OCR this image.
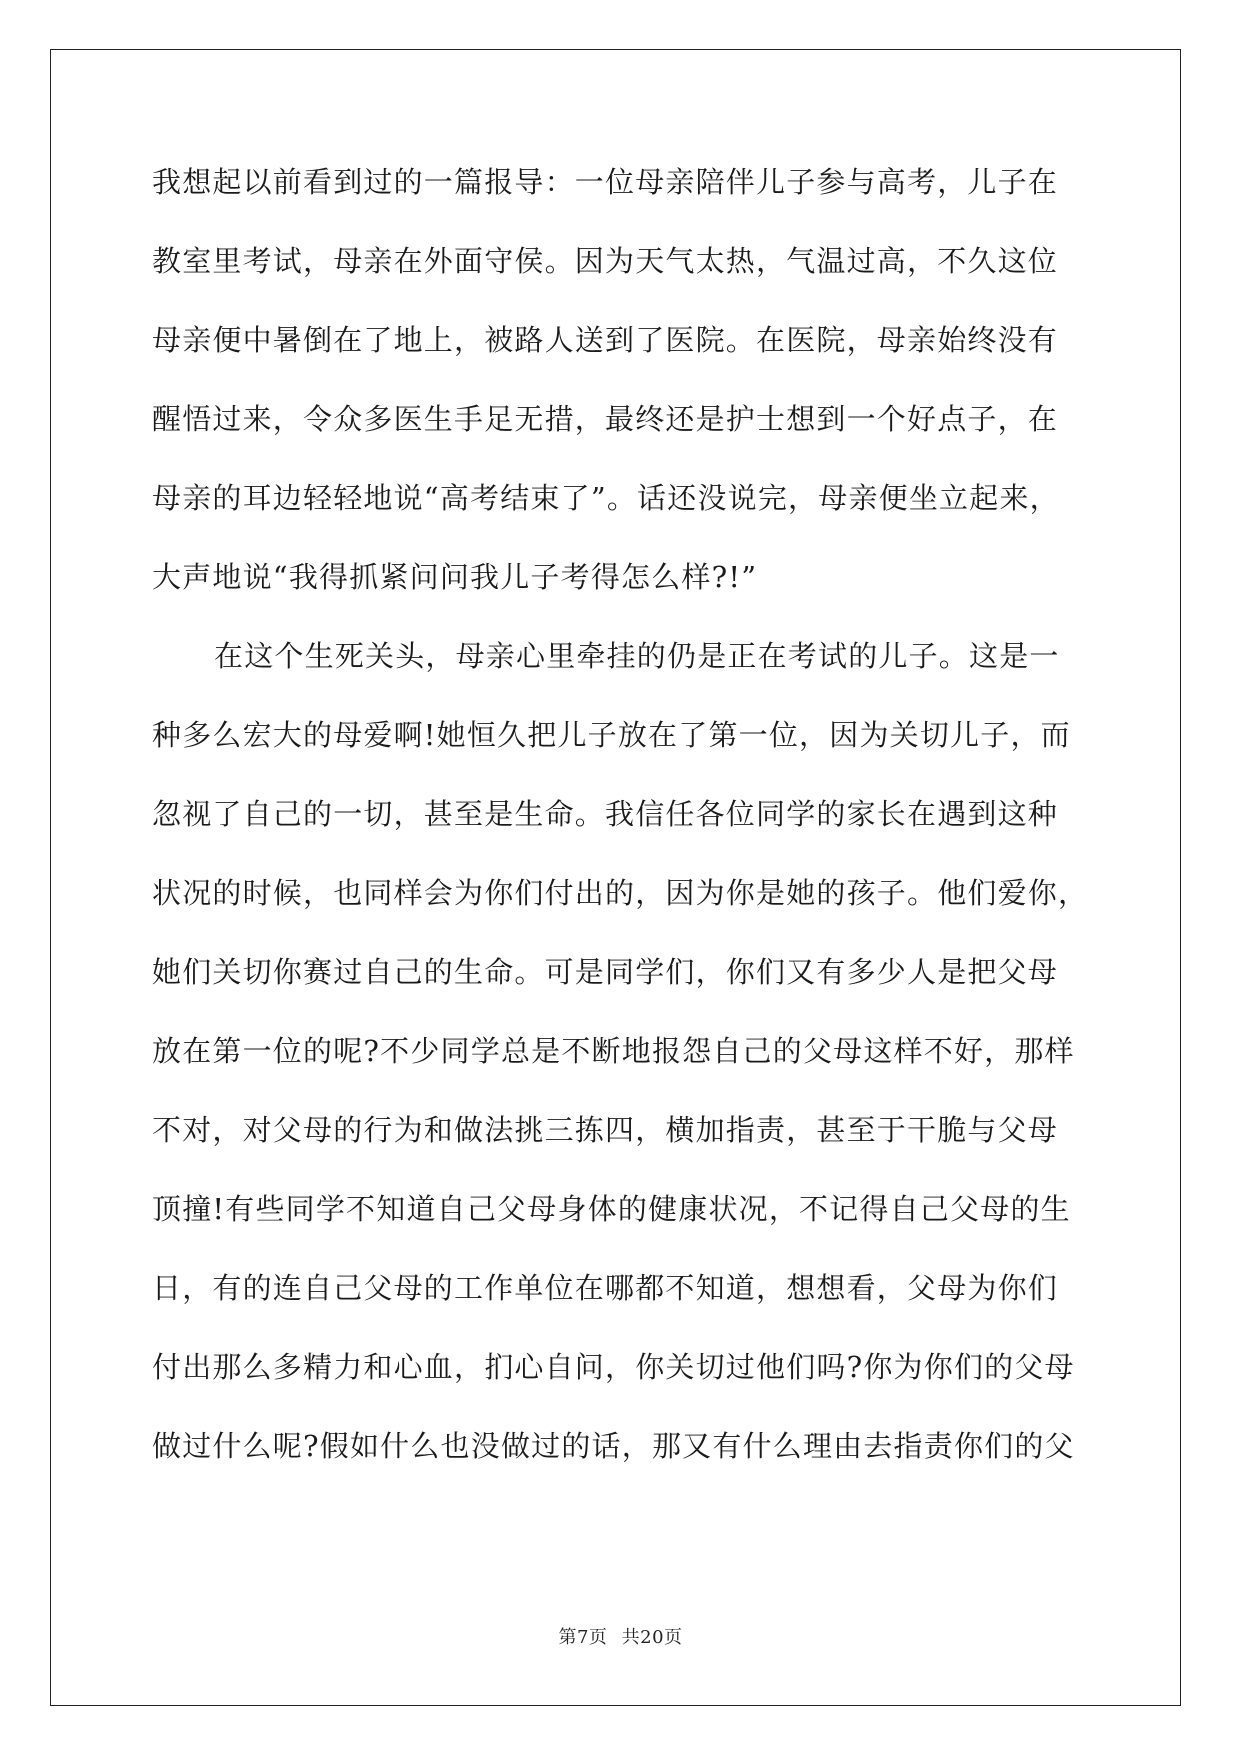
我想起以前看到过的一篇报导：一位母亲陪伴儿子参与高考，儿子在
教室里考试，母亲在外面守侯。因为天气太热，气温过高，不久这位
母亲便中暑倒在了地上，被路人送到了医院。在医院，母亲始终没有
醒悟过来，令众多医生手足无措，最终还是护士想到一个好点子，在
母亲的耳边轻轻地说“高考结束了”。话还没说完，母亲便坐立起来，
大声地说“我得抓紧问问我儿子考得怎么样?!”
在这个生死关头，母亲心里牵挂的仍是正在考试的儿子。这是一
种多么宏大的母爱啊!她恒久把儿子放在了第一位，因为关切儿子，而
忽视了自己的一切，甚至是生命。我信任各位同学的家长在遇到这种
状况的时候，也同样会为你们付出的，因为你是她的孩子。他们爱你，
她们关切你赛过自己的生命。可是同学们，你们又有多少人是把父母
放在第一位的呢?不少同学总是不断地报怨自己的父母这样不好，那样
不对，对父母的行为和做法挑三拣四，横加指责，甚至于干脆与父母
顶撞!有些同学不知道自己父母身体的健康状况，不记得自己父母的生
日，有的连自己父母的工作单位在哪都不知道，想想看，父母为你们
付出那么多精力和心血，扪心自问，你关切过他们吗?你为你们的父母
做过什么呢?假如什么也没做过的话，那又有什么理由去指责你们的父
第7页 共20页
